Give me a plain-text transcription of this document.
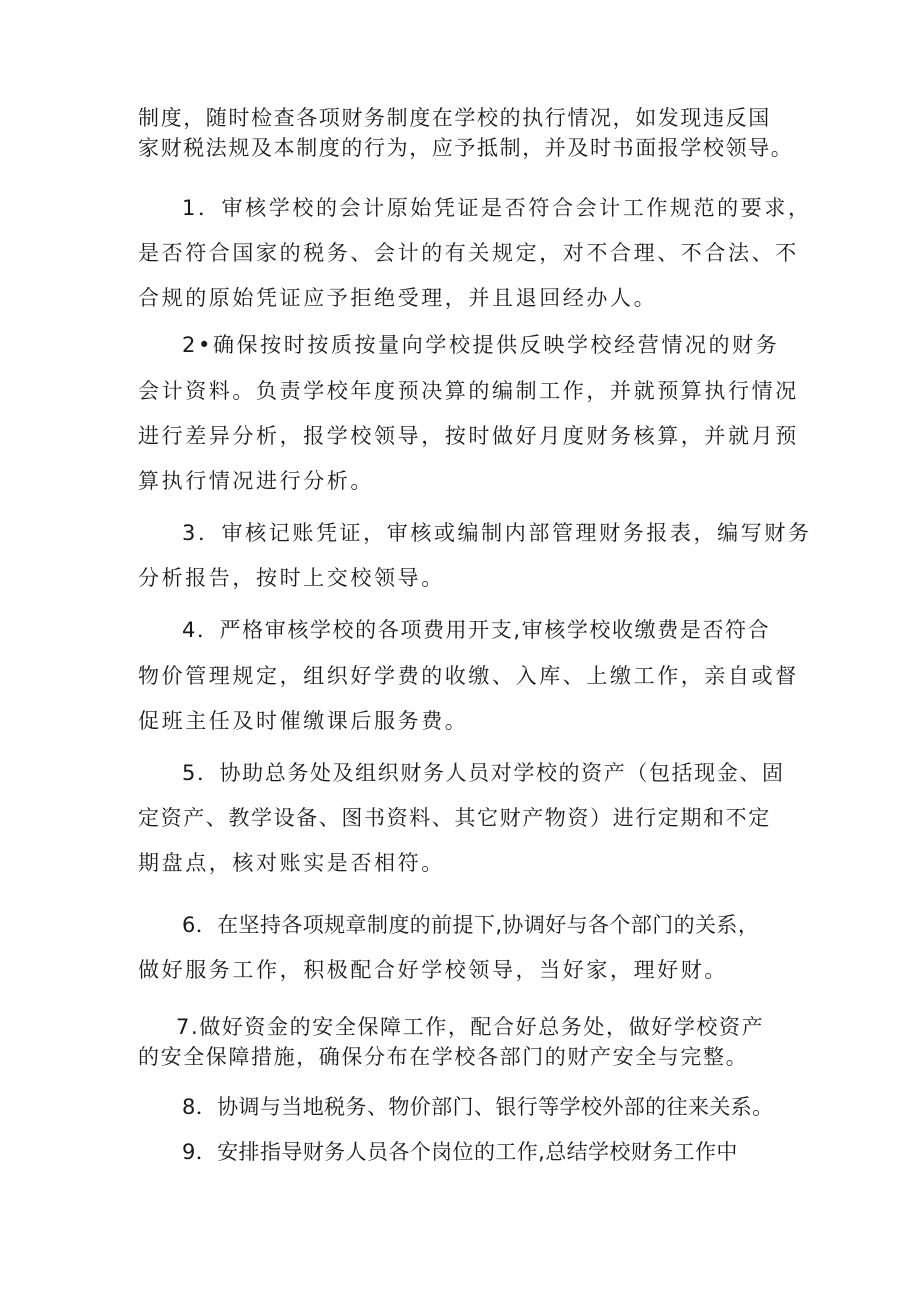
制度，随时检查各项财务制度在学校的执行情况，如发现违反国
家财税法规及本制度的行为，应予抵制，并及时书面报学校领导。
1．审核学校的会计原始凭证是否符合会计工作规范的要求，
是否符合国家的税务、会计的有关规定，对不合理、不合法、不
合规的原始凭证应予拒绝受理，并且退回经办人。
2•确保按时按质按量向学校提供反映学校经营情况的财务
会计资料。负责学校年度预决算的编制工作，并就预算执行情况
进行差异分析，报学校领导，按时做好月度财务核算，并就月预
算执行情况进行分析。
3．审核记账凭证，审核或编制内部管理财务报表，编写财务
分析报告，按时上交校领导。
4．严格审核学校的各项费用开支,审核学校收缴费是否符合
物价管理规定，组织好学费的收缴、入库、上缴工作，亲自或督
促班主任及时催缴课后服务费。
5．协助总务处及组织财务人员对学校的资产（包括现金、固
定资产、教学设备、图书资料、其它财产物资）进行定期和不定
期盘点，核对账实是否相符。
6．在坚持各项规章制度的前提下,协调好与各个部门的关系，
做好服务工作，积极配合好学校领导，当好家，理好财。
7.做好资金的安全保障工作，配合好总务处，做好学校资产
的安全保障措施，确保分布在学校各部门的财产安全与完整。
8．协调与当地税务、物价部门、银行等学校外部的往来关系。
9．安排指导财务人员各个岗位的工作,总结学校财务工作中
